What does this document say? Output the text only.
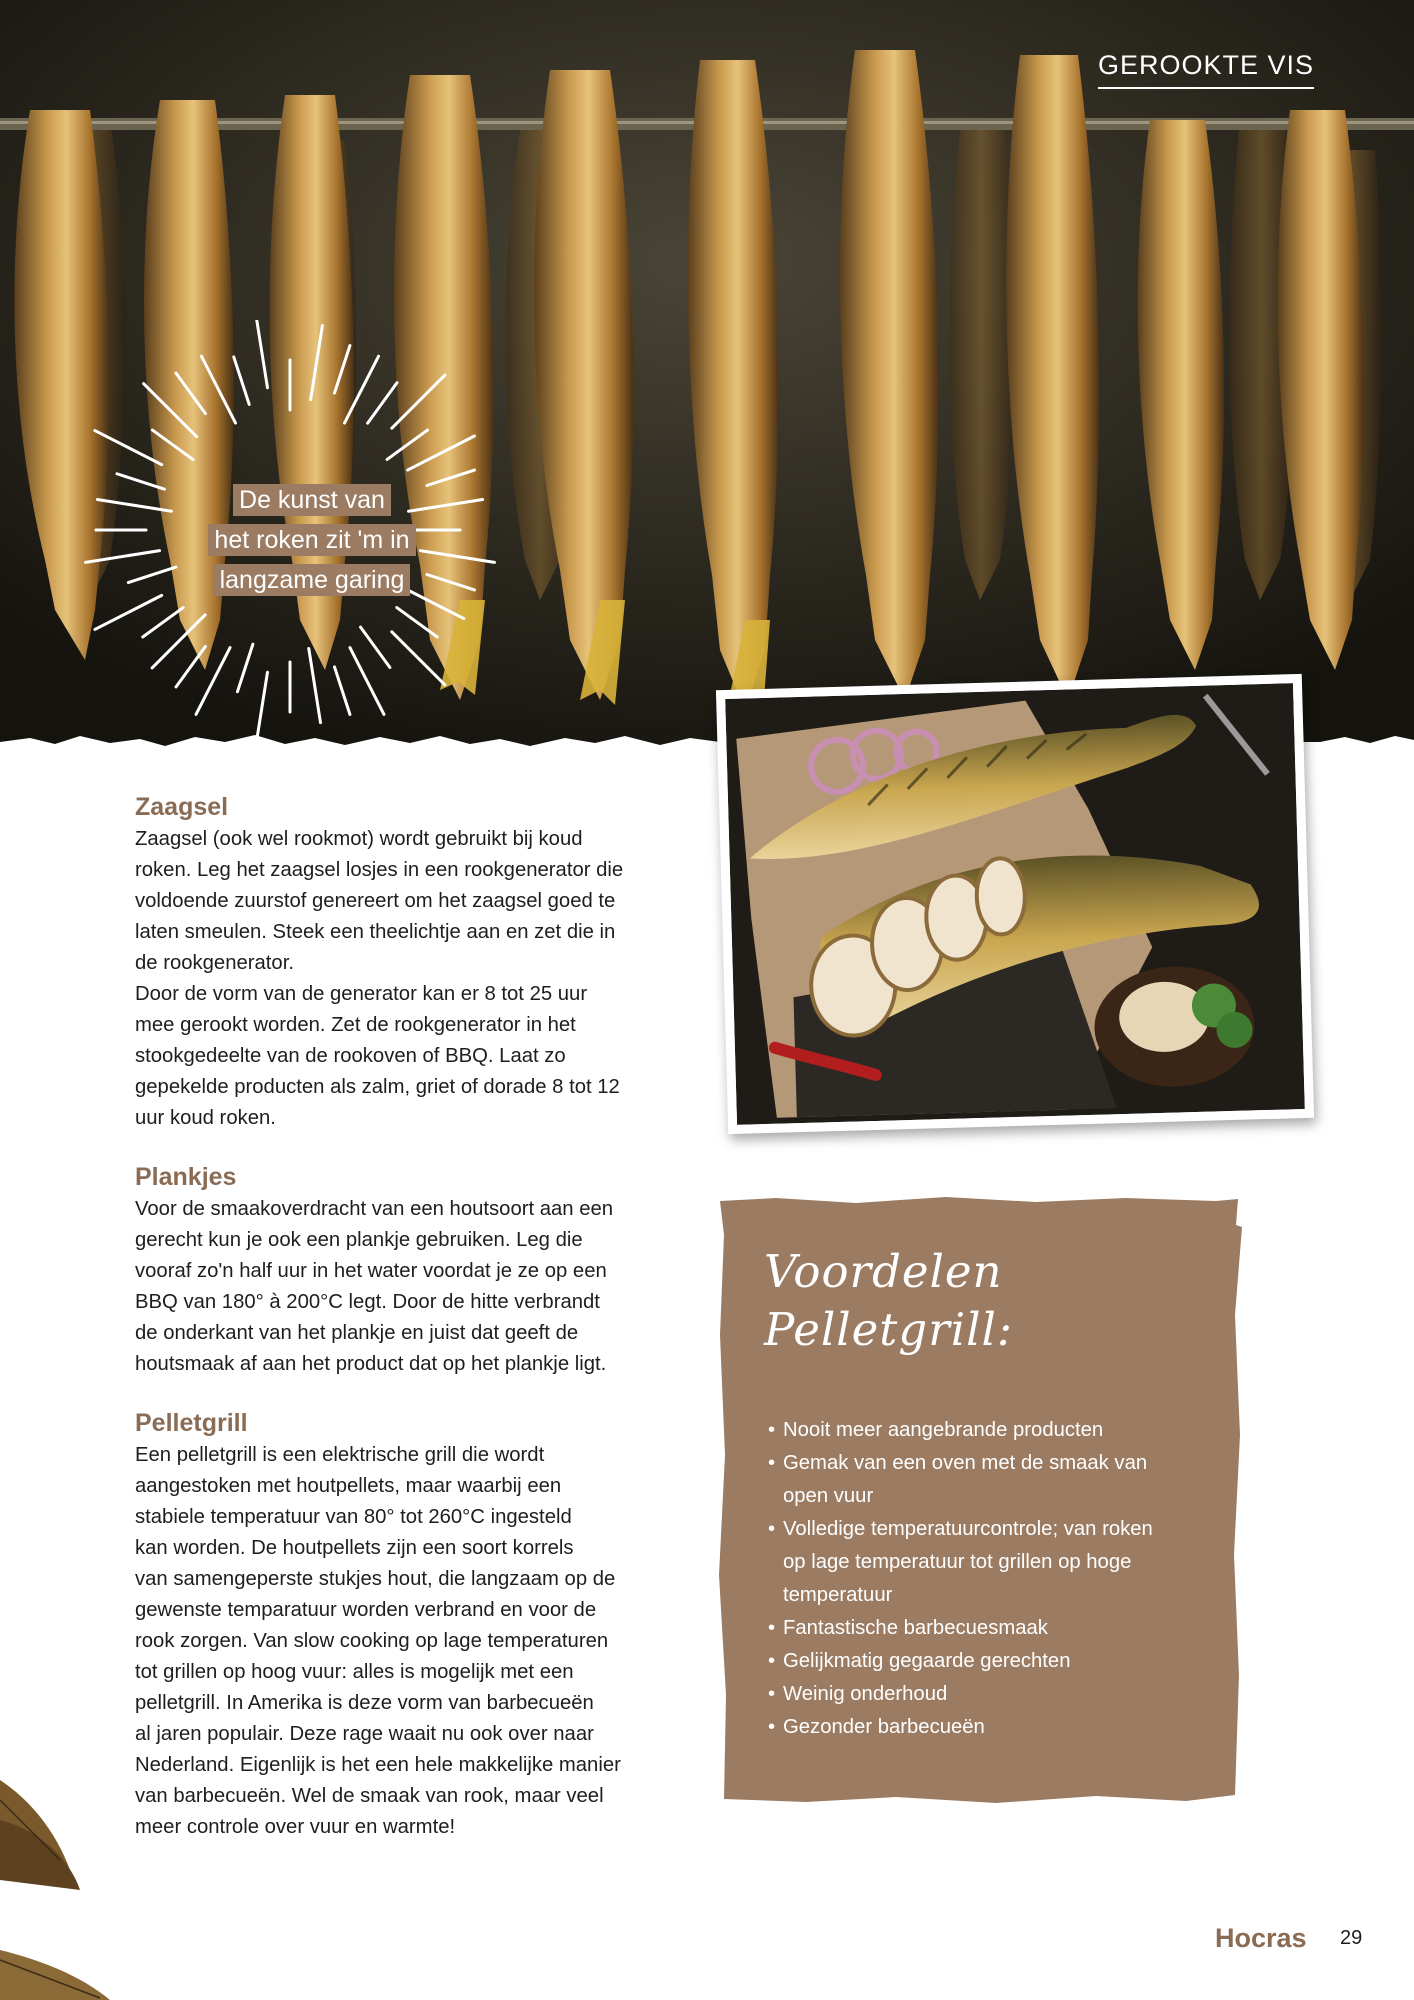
GEROOKTE VIS
De kunst van
het roken zit 'm in
langzame garing
Zaagsel

Zaagsel (ook wel rookmot) wordt gebruikt bij koud
roken. Leg het zaagsel losjes in een rookgenerator die
voldoende zuurstof genereert om het zaagsel goed te
laten smeulen. Steek een theelichtje aan en zet die in
de rookgenerator.
Door de vorm van de generator kan er 8 tot 25 uur
mee gerookt worden. Zet de rookgenerator in het
stookgedeelte van de rookoven of BBQ. Laat zo
gepekelde producten als zalm, griet of dorade 8 tot 12
uur koud roken.

Plankjes

Voor de smaakoverdracht van een houtsoort aan een
gerecht kun je ook een plankje gebruiken. Leg die
vooraf zo'n half uur in het water voordat je ze op een
BBQ van 180° à 200°C legt. Door de hitte verbrandt
de onderkant van het plankje en juist dat geeft de
houtsmaak af aan het product dat op het plankje ligt.

Pelletgrill

Een pelletgrill is een elektrische grill die wordt
aangestoken met houtpellets, maar waarbij een
stabiele temperatuur van 80° tot 260°C ingesteld
kan worden. De houtpellets zijn een soort korrels
van samengeperste stukjes hout, die langzaam op de
gewenste temparatuur worden verbrand en voor de
rook zorgen. Van slow cooking op lage temperaturen
tot grillen op hoog vuur: alles is mogelijk met een
pelletgrill. In Amerika is deze vorm van barbecueën
al jaren populair. Deze rage waait nu ook over naar
Nederland. Eigenlijk is het een hele makkelijke manier
van barbecueën. Wel de smaak van rook, maar veel
meer controle over vuur en warmte!

Voordelen
Pelletgrill:
• Nooit meer aangebrande producten
• Gemak van een oven met de smaak van
open vuur
• Volledige temperatuurcontrole; van roken
op lage temperatuur tot grillen op hoge
temperatuur
• Fantastische barbecuesmaak
• Gelijkmatig gegaarde gerechten
• Weinig onderhoud
• Gezonder barbecueën
Hocras 29
